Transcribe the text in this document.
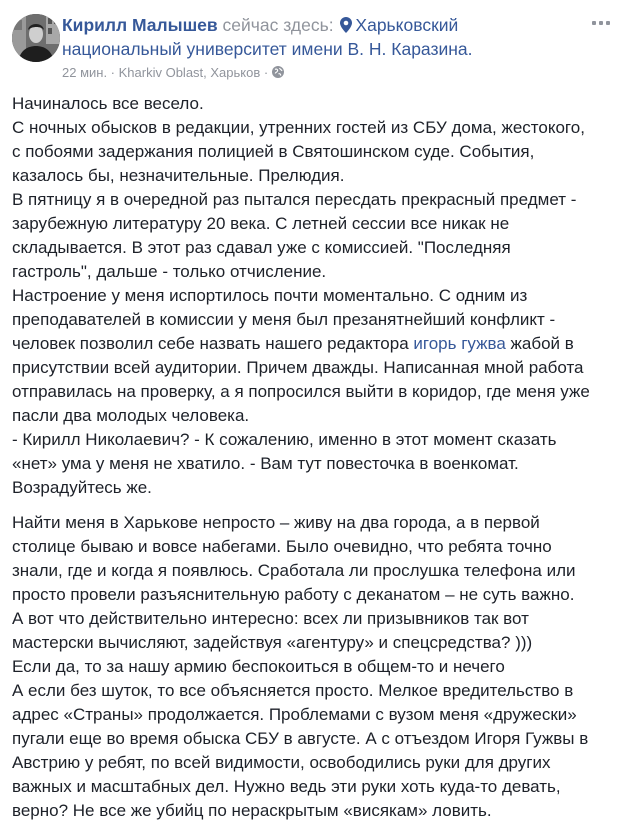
Кирилл Малышев сейчас здесь: Харьковский
национальный университет имени В. Н. Каразина.
22 мин. · Kharkiv Oblast, Харьков ·

Начиналось все весело.
С ночных обысков в редакции, утренних гостей из СБУ дома, жестокого,
с побоями задержания полицией в Святошинском суде. События,
казалось бы, незначительные. Прелюдия.
В пятницу я в очередной раз пытался пересдать прекрасный предмет -
зарубежную литературу 20 века. С летней сессии все никак не
складывается. В этот раз сдавал уже с комиссией. "Последняя
гастроль", дальше - только отчисление.
Настроение у меня испортилось почти моментально. С одним из
преподавателей в комиссии у меня был презанятнейший конфликт -
человек позволил себе назвать нашего редактора игорь гужва жабой в
присутствии всей аудитории. Причем дважды. Написанная мной работа
отправилась на проверку, а я попросился выйти в коридор, где меня уже
пасли два молодых человека.
- Кирилл Николаевич? - К сожалению, именно в этот момент сказать
«нет» ума у меня не хватило. - Вам тут повесточка в военкомат.
Возрадуйтесь же.

Найти меня в Харькове непросто – живу на два города, а в первой
столице бываю и вовсе набегами. Было очевидно, что ребята точно
знали, где и когда я появлюсь. Сработала ли прослушка телефона или
просто провели разъяснительную работу с деканатом – не суть важно.
А вот что действительно интересно: всех ли призывников так вот
мастерски вычисляют, задействуя «агентуру» и спецсредства? )))
Если да, то за нашу армию беспокоиться в общем-то и нечего
А если без шуток, то все объясняется просто. Мелкое вредительство в
адрес «Страны» продолжается. Проблемами с вузом меня «дружески»
пугали еще во время обыска СБУ в августе. А с отъездом Игоря Гужвы в
Австрию у ребят, по всей видимости, освободились руки для других
важных и масштабных дел. Нужно ведь эти руки хоть куда-то девать,
верно? Не все же убийц по нераскрытым «висякам» ловить.
